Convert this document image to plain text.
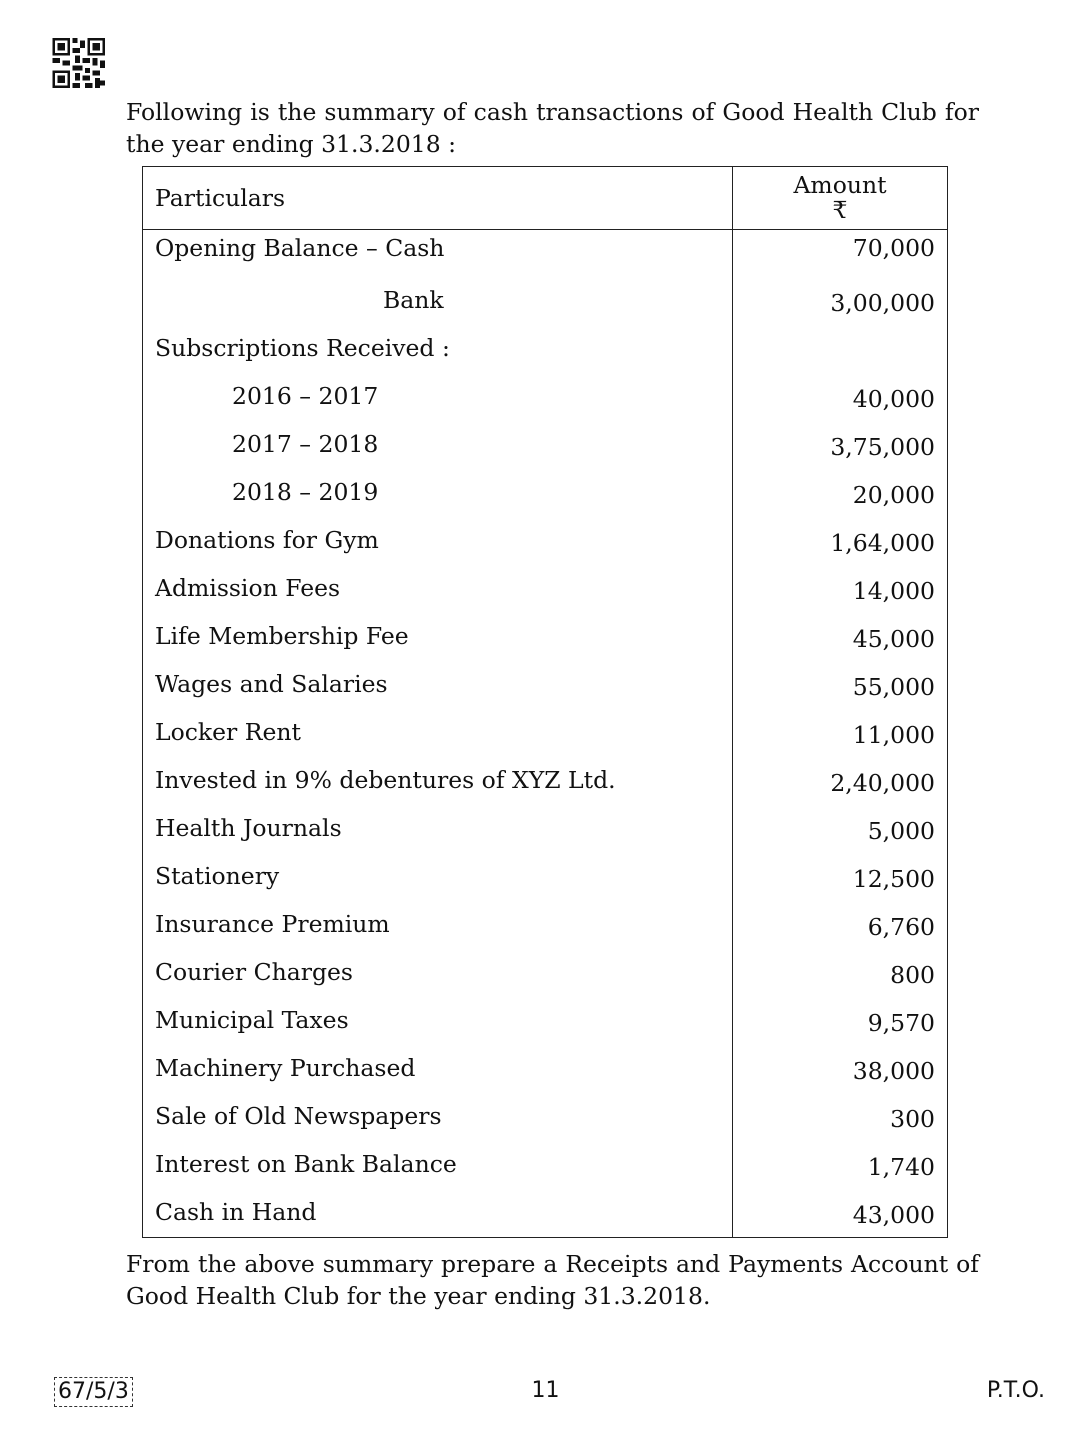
Following is the summary of cash transactions of Good Health Club for the year ending 31.3.2018 :
Particulars	Amount
₹

Opening Balance – Cash	70,000
Bank	3,00,000
Subscriptions Received :	
2016 – 2017	40,000
2017 – 2018	3,75,000
2018 – 2019	20,000
Donations for Gym	1,64,000
Admission Fees	14,000
Life Membership Fee	45,000
Wages and Salaries	55,000
Locker Rent	11,000
Invested in 9% debentures of XYZ Ltd.	2,40,000
Health Journals	5,000
Stationery	12,500
Insurance Premium	6,760
Courier Charges	800
Municipal Taxes	9,570
Machinery Purchased	38,000
Sale of Old Newspapers	300
Interest on Bank Balance	1,740
Cash in Hand	43,000
From the above summary prepare a Receipts and Payments Account of Good Health Club for the year ending 31.3.2018.
67/5/3	11	P.T.O.
